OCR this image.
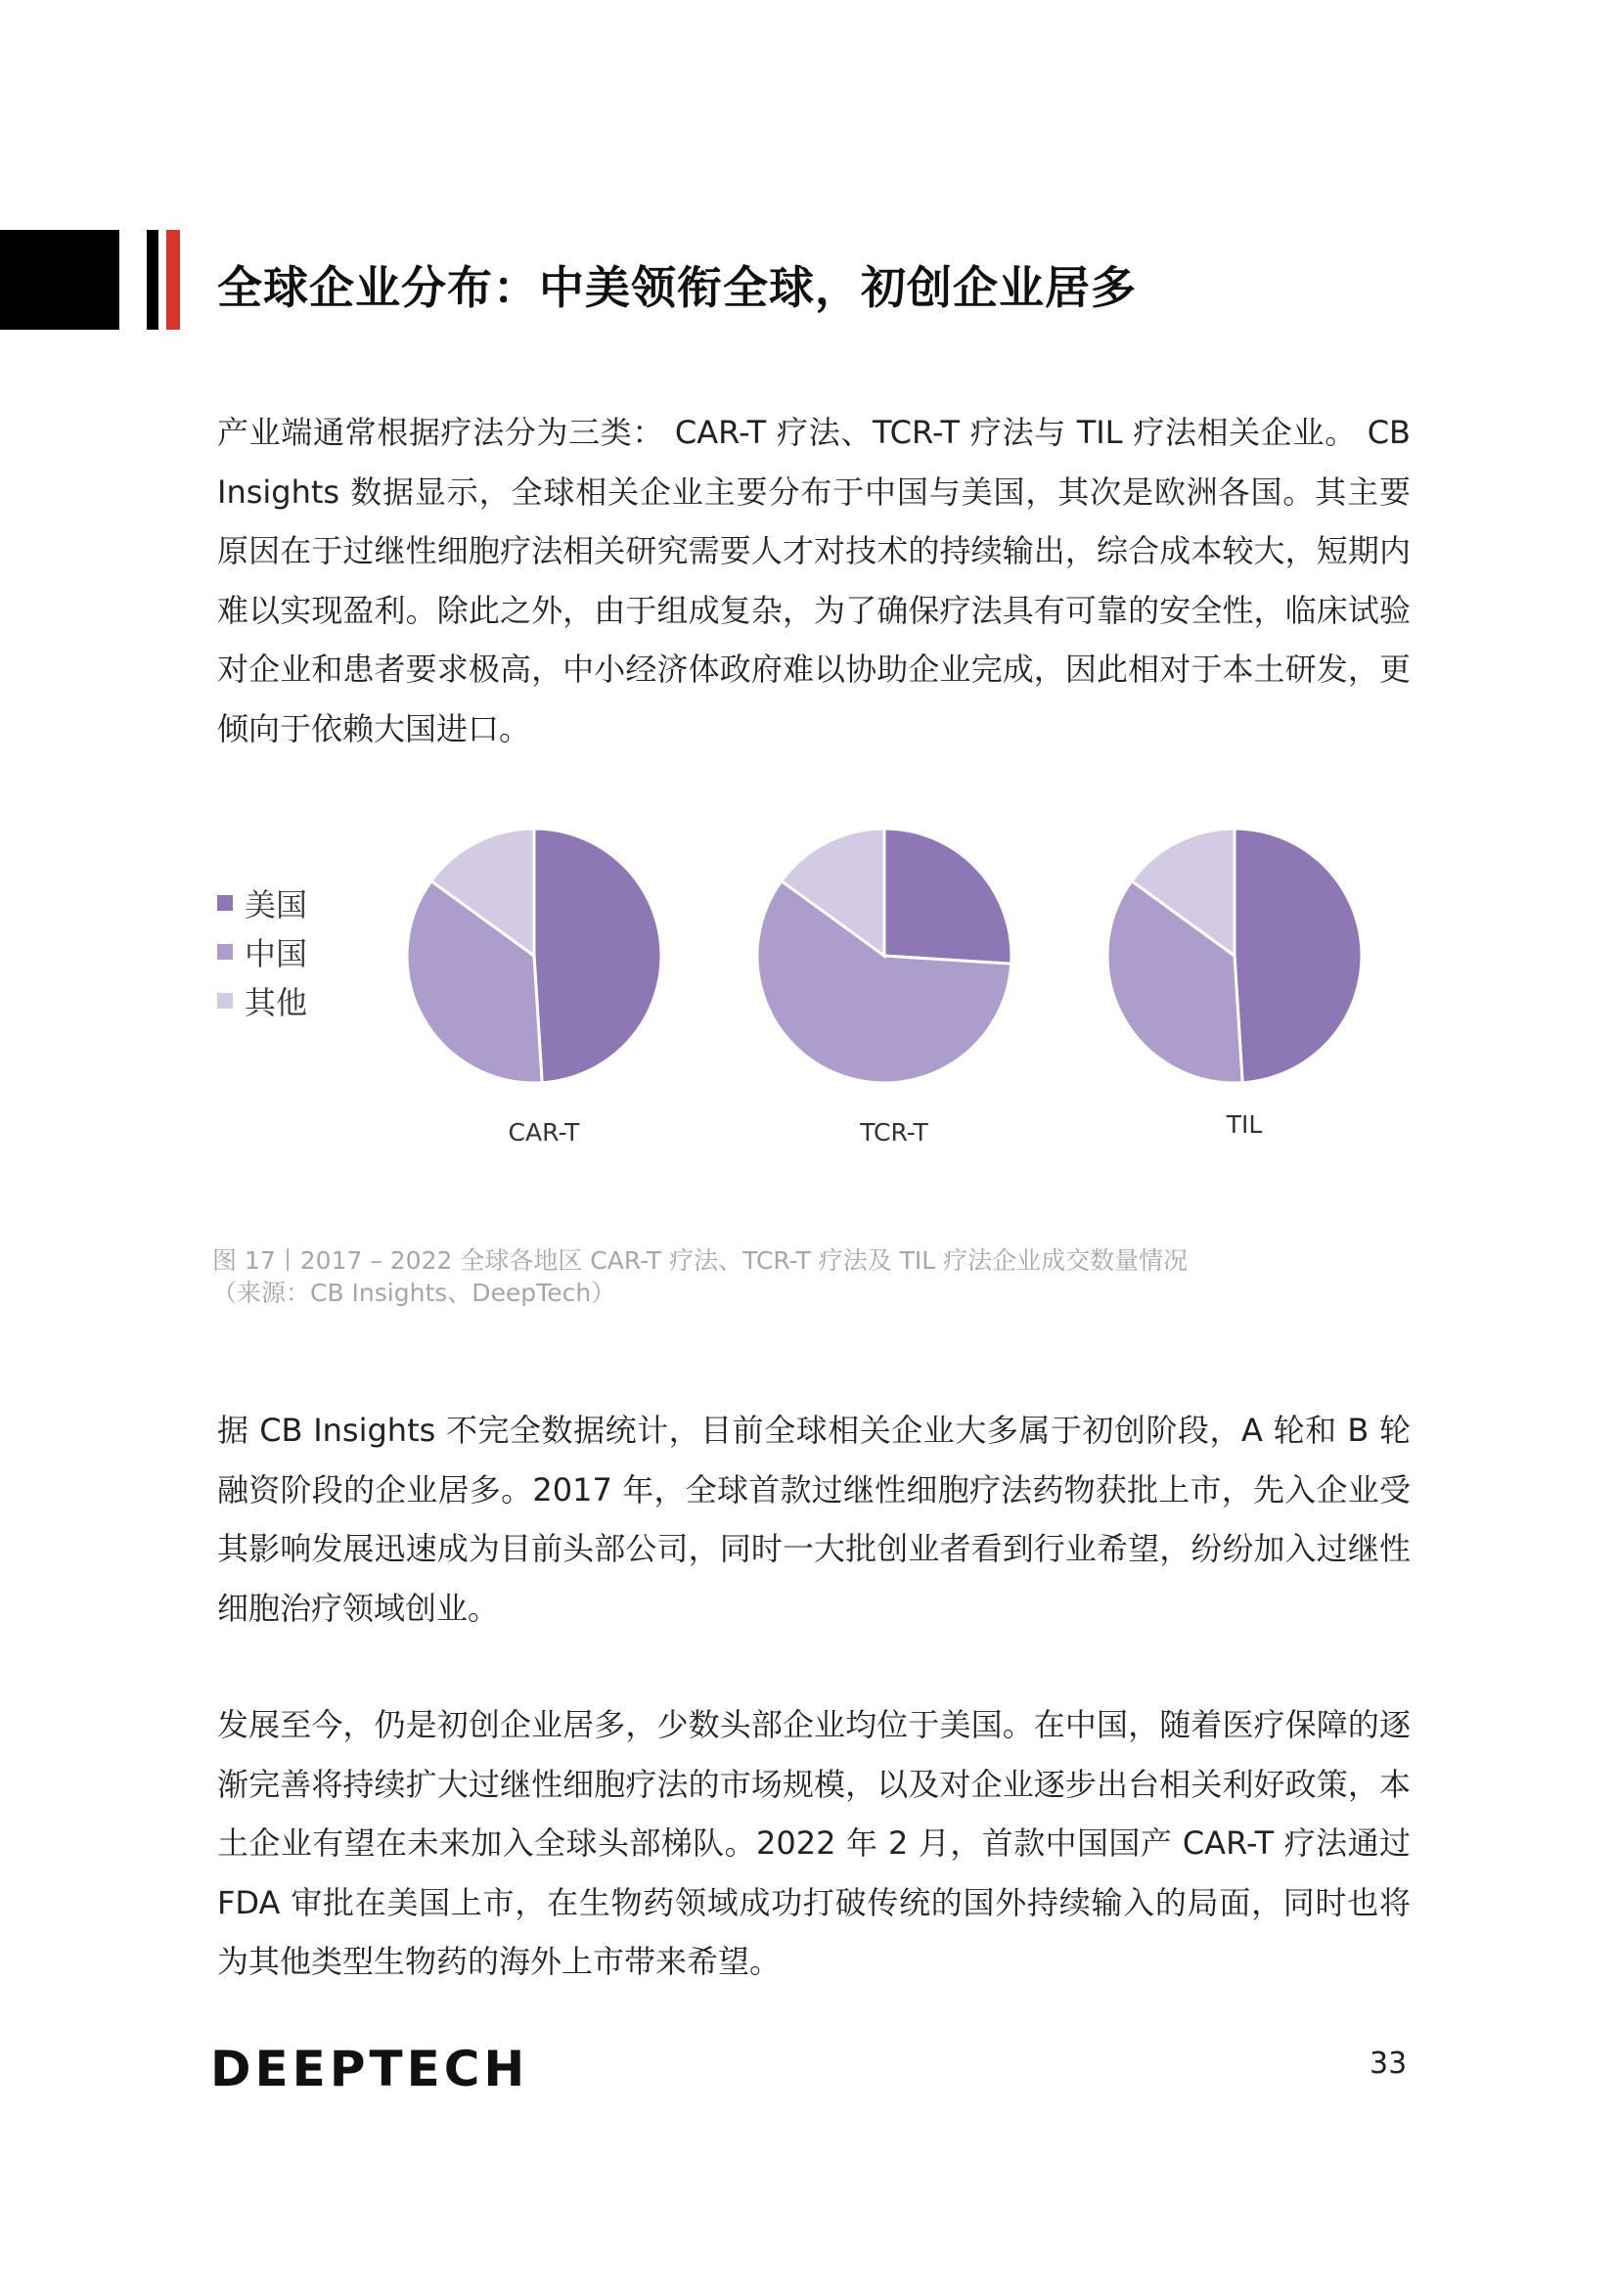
全球企业分布：中美领衔全球，初创企业居多

产业端通常根据疗法分为三类： CAR-T 疗法、TCR-T 疗法与 TIL 疗法相关企业。 CB Insights 数据显示，全球相关企业主要分布于中国与美国，其次是欧洲各国。其主要原因在于过继性细胞疗法相关研究需要人才对技术的持续输出，综合成本较大，短期内难以实现盈利。除此之外，由于组成复杂，为了确保疗法具有可靠的安全性，临床试验对企业和患者要求极高，中小经济体政府难以协助企业完成，因此相对于本土研发，更倾向于依赖大国进口。

美国
中国
其他
CAR-T	TCR-T	TIL
图 17丨2017 – 2022 全球各地区 CAR-T 疗法、TCR-T 疗法及 TIL 疗法企业成交数量情况
（来源：CB Insights、DeepTech）

据 CB Insights 不完全数据统计，目前全球相关企业大多属于初创阶段，A 轮和 B 轮融资阶段的企业居多。2017 年，全球首款过继性细胞疗法药物获批上市，先入企业受其影响发展迅速成为目前头部公司，同时一大批创业者看到行业希望，纷纷加入过继性细胞治疗领域创业。

发展至今，仍是初创企业居多，少数头部企业均位于美国。在中国，随着医疗保障的逐渐完善将持续扩大过继性细胞疗法的市场规模，以及对企业逐步出台相关利好政策，本土企业有望在未来加入全球头部梯队。2022 年 2 月，首款中国国产 CAR-T 疗法通过 FDA 审批在美国上市，在生物药领域成功打破传统的国外持续输入的局面，同时也将为其他类型生物药的海外上市带来希望。

DEEPTECH	33
